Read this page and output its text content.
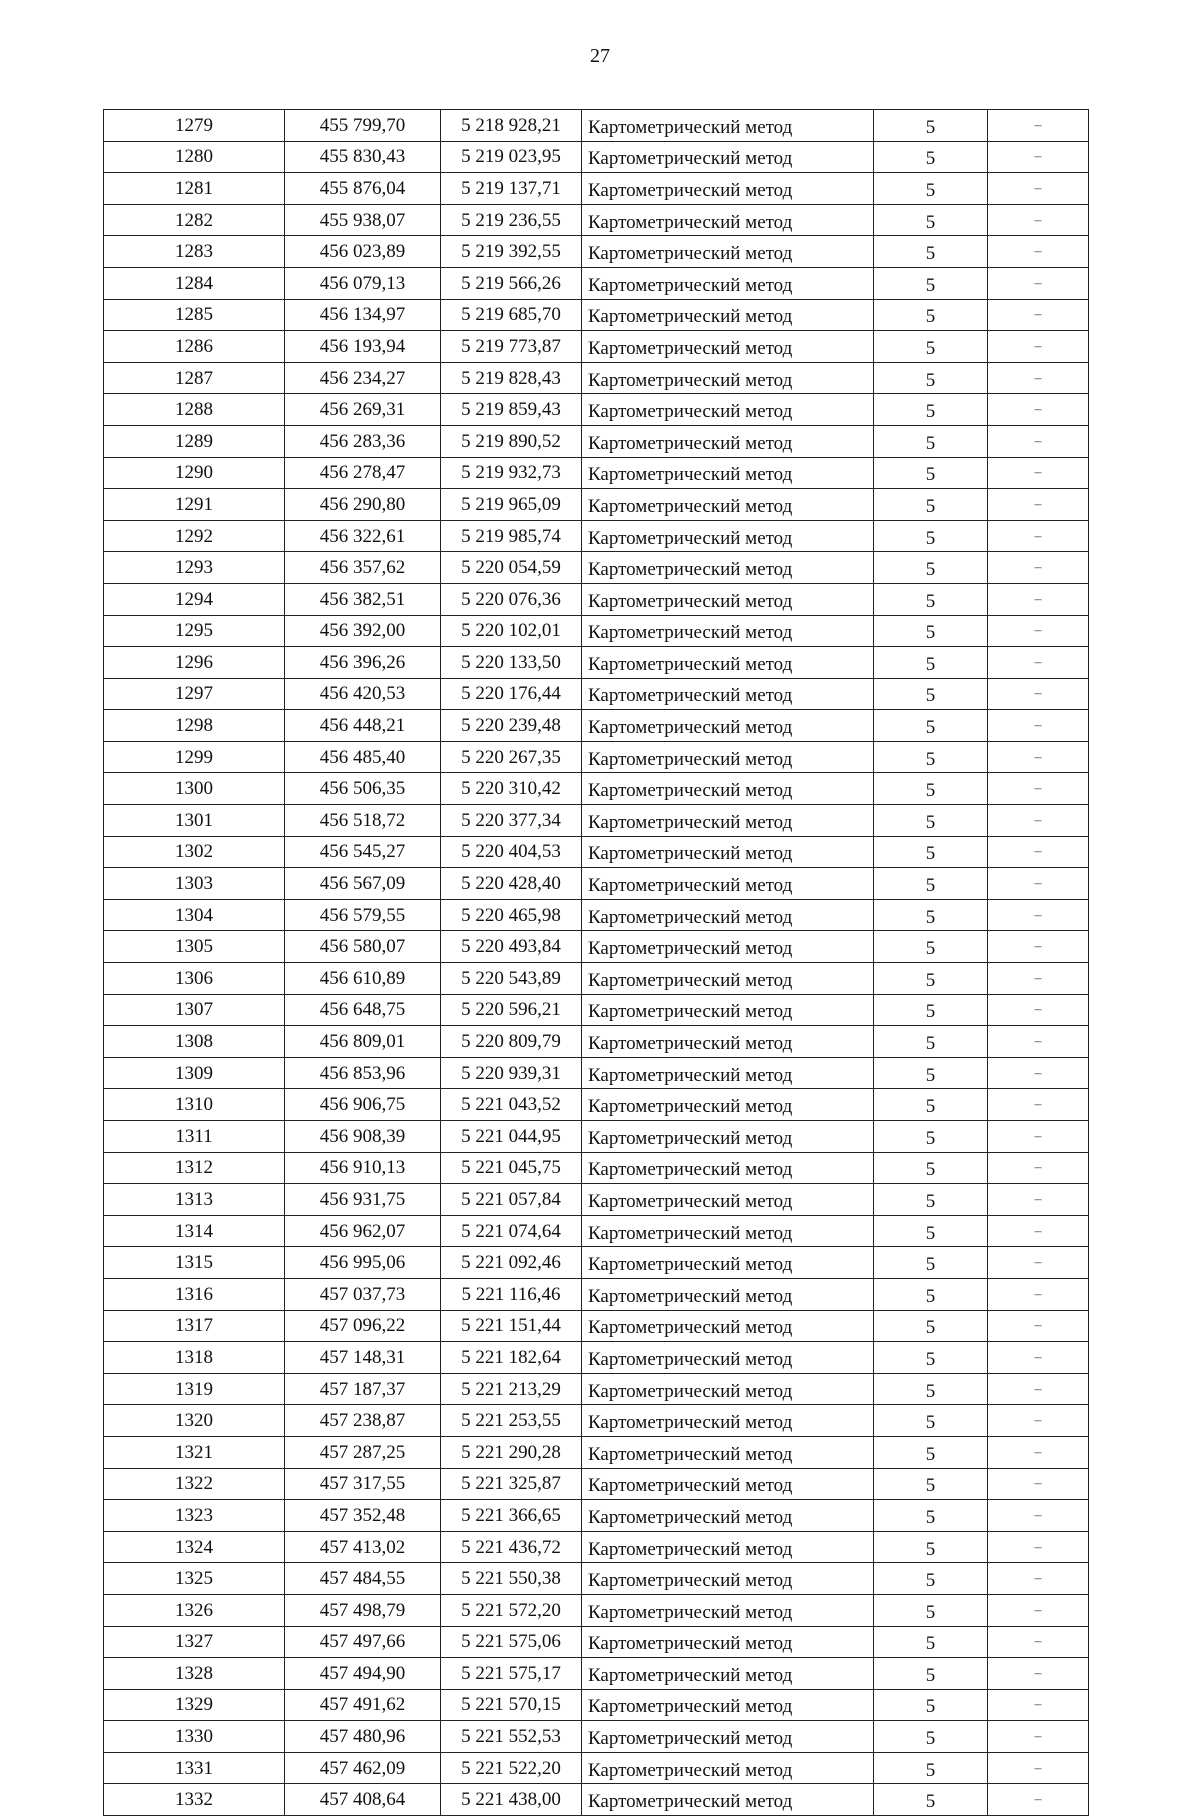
27
1279	455 799,70	5 218 928,21	Картометрический метод	5	–
1280	455 830,43	5 219 023,95	Картометрический метод	5	–
1281	455 876,04	5 219 137,71	Картометрический метод	5	–
1282	455 938,07	5 219 236,55	Картометрический метод	5	–
1283	456 023,89	5 219 392,55	Картометрический метод	5	–
1284	456 079,13	5 219 566,26	Картометрический метод	5	–
1285	456 134,97	5 219 685,70	Картометрический метод	5	–
1286	456 193,94	5 219 773,87	Картометрический метод	5	–
1287	456 234,27	5 219 828,43	Картометрический метод	5	–
1288	456 269,31	5 219 859,43	Картометрический метод	5	–
1289	456 283,36	5 219 890,52	Картометрический метод	5	–
1290	456 278,47	5 219 932,73	Картометрический метод	5	–
1291	456 290,80	5 219 965,09	Картометрический метод	5	–
1292	456 322,61	5 219 985,74	Картометрический метод	5	–
1293	456 357,62	5 220 054,59	Картометрический метод	5	–
1294	456 382,51	5 220 076,36	Картометрический метод	5	–
1295	456 392,00	5 220 102,01	Картометрический метод	5	–
1296	456 396,26	5 220 133,50	Картометрический метод	5	–
1297	456 420,53	5 220 176,44	Картометрический метод	5	–
1298	456 448,21	5 220 239,48	Картометрический метод	5	–
1299	456 485,40	5 220 267,35	Картометрический метод	5	–
1300	456 506,35	5 220 310,42	Картометрический метод	5	–
1301	456 518,72	5 220 377,34	Картометрический метод	5	–
1302	456 545,27	5 220 404,53	Картометрический метод	5	–
1303	456 567,09	5 220 428,40	Картометрический метод	5	–
1304	456 579,55	5 220 465,98	Картометрический метод	5	–
1305	456 580,07	5 220 493,84	Картометрический метод	5	–
1306	456 610,89	5 220 543,89	Картометрический метод	5	–
1307	456 648,75	5 220 596,21	Картометрический метод	5	–
1308	456 809,01	5 220 809,79	Картометрический метод	5	–
1309	456 853,96	5 220 939,31	Картометрический метод	5	–
1310	456 906,75	5 221 043,52	Картометрический метод	5	–
1311	456 908,39	5 221 044,95	Картометрический метод	5	–
1312	456 910,13	5 221 045,75	Картометрический метод	5	–
1313	456 931,75	5 221 057,84	Картометрический метод	5	–
1314	456 962,07	5 221 074,64	Картометрический метод	5	–
1315	456 995,06	5 221 092,46	Картометрический метод	5	–
1316	457 037,73	5 221 116,46	Картометрический метод	5	–
1317	457 096,22	5 221 151,44	Картометрический метод	5	–
1318	457 148,31	5 221 182,64	Картометрический метод	5	–
1319	457 187,37	5 221 213,29	Картометрический метод	5	–
1320	457 238,87	5 221 253,55	Картометрический метод	5	–
1321	457 287,25	5 221 290,28	Картометрический метод	5	–
1322	457 317,55	5 221 325,87	Картометрический метод	5	–
1323	457 352,48	5 221 366,65	Картометрический метод	5	–
1324	457 413,02	5 221 436,72	Картометрический метод	5	–
1325	457 484,55	5 221 550,38	Картометрический метод	5	–
1326	457 498,79	5 221 572,20	Картометрический метод	5	–
1327	457 497,66	5 221 575,06	Картометрический метод	5	–
1328	457 494,90	5 221 575,17	Картометрический метод	5	–
1329	457 491,62	5 221 570,15	Картометрический метод	5	–
1330	457 480,96	5 221 552,53	Картометрический метод	5	–
1331	457 462,09	5 221 522,20	Картометрический метод	5	–
1332	457 408,64	5 221 438,00	Картометрический метод	5	–
